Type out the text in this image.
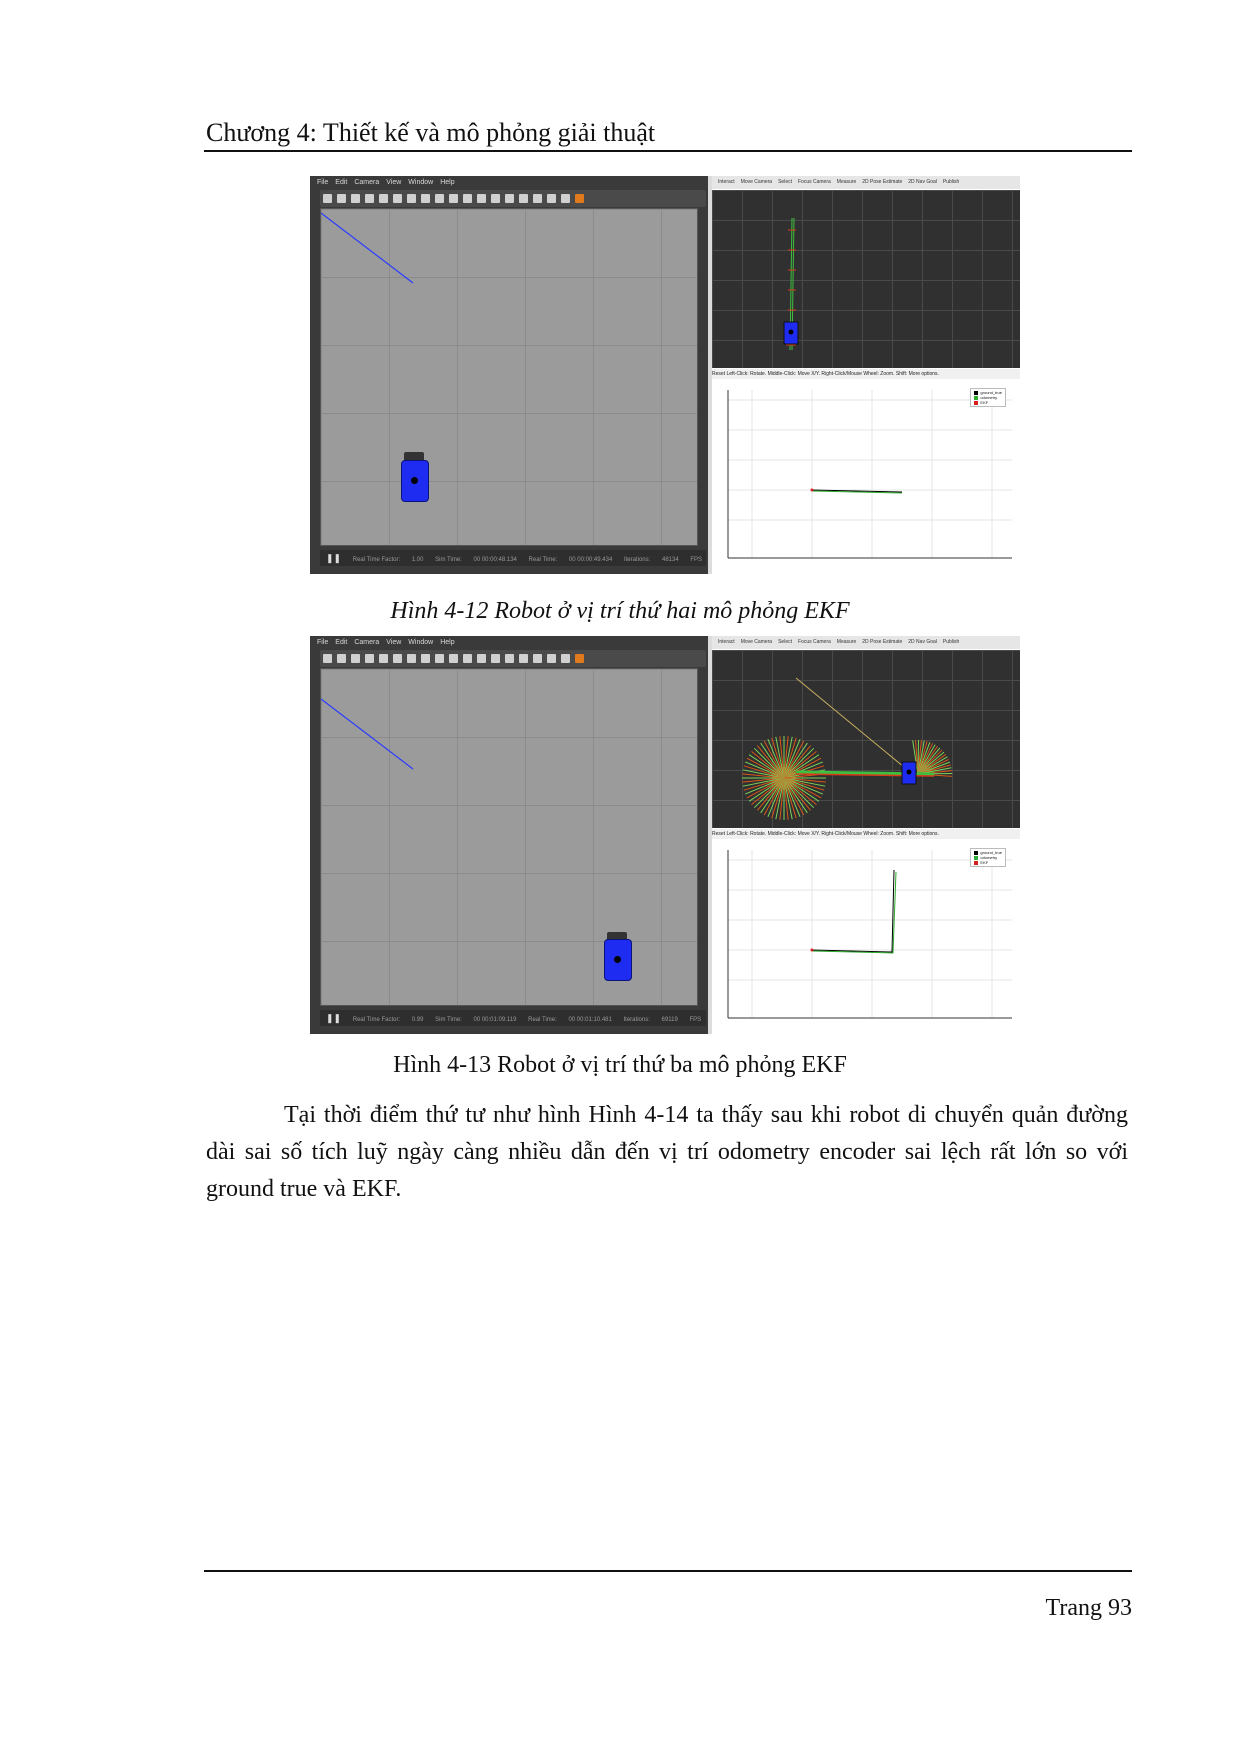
Chương 4: Thiết kế và mô phỏng giải thuật
File Edit Camera View Window Help
❚❚ Real Time Factor: 1.00 Sim Time: 00 00:00:48.134 Real Time: 00 00:00:49.434 Iterations: 48134 FPS
Interact Move Camera Select Focus Camera Measure 2D Pose Estimate 2D Nav Goal Publish
Reset Left-Click: Rotate. Middle-Click: Move X/Y. Right-Click/Mouse Wheel: Zoom. Shift: More options.
ground_true
odometry
EKF
Hình 4-12 Robot ở vị trí thứ hai mô phỏng EKF
File Edit Camera View Window Help
❚❚ Real Time Factor: 0.99 Sim Time: 00 00:01:09.119 Real Time: 00 00:01:10.481 Iterations: 69119 FPS
Interact Move Camera Select Focus Camera Measure 2D Pose Estimate 2D Nav Goal Publish
Reset Left-Click: Rotate. Middle-Click: Move X/Y. Right-Click/Mouse Wheel: Zoom. Shift: More options.
ground_true
odometry
EKF
Hình 4-13 Robot ở vị trí thứ ba mô phỏng EKF
Tại thời điểm thứ tư như hình Hình 4-14 ta thấy sau khi robot di chuyển quản đường dài sai số tích luỹ ngày càng nhiều dẫn đến vị trí odometry encoder sai lệch rất lớn so với ground true và EKF.
Trang 93
